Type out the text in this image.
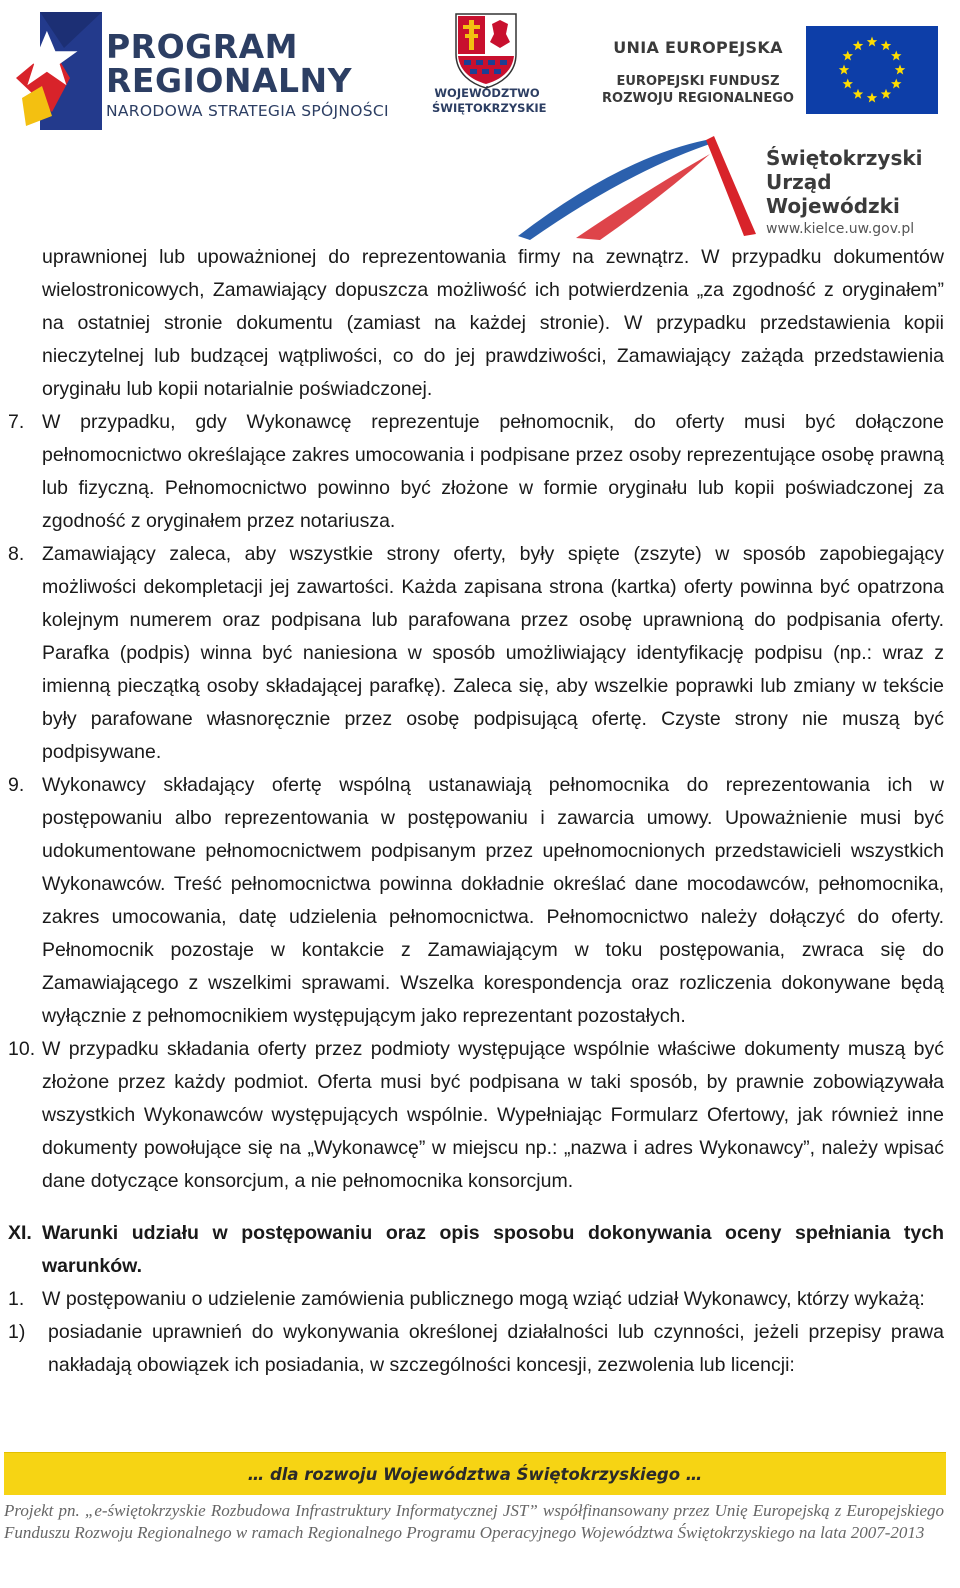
PROGRAM
REGIONALNY
NARODOWA STRATEGIA SPÓJNOŚCI
WOJEWÓDZTWO
ŚWIĘTOKRZYSKIE
UNIA EUROPEJSKA
EUROPEJSKI FUNDUSZ
ROZWOJU REGIONALNEGO
Świętokrzyski
Urząd Wojewódzki
www.kielce.uw.gov.pl
uprawnionej lub upoważnionej do reprezentowania firmy na zewnątrz. W przypadku dokumentów wielostronicowych, Zamawiający dopuszcza możliwość ich potwierdzenia „za zgodność z oryginałem” na ostatniej stronie dokumentu (zamiast na każdej stronie). W przypadku przedstawienia kopii nieczytelnej lub budzącej wątpliwości, co do jej prawdziwości, Zamawiający zażąda przedstawienia oryginału lub kopii notarialnie poświadczonej.
7. W przypadku, gdy Wykonawcę reprezentuje pełnomocnik, do oferty musi być dołączone pełnomocnictwo określające zakres umocowania i podpisane przez osoby reprezentujące osobę prawną lub fizyczną. Pełnomocnictwo powinno być złożone w formie oryginału lub kopii poświadczonej za zgodność z oryginałem przez notariusza.
8. Zamawiający zaleca, aby wszystkie strony oferty, były spięte (zszyte) w sposób zapobiegający możliwości dekompletacji jej zawartości. Każda zapisana strona (kartka) oferty powinna być opatrzona kolejnym numerem oraz podpisana lub parafowana przez osobę uprawnioną do podpisania oferty. Parafka (podpis) winna być naniesiona w sposób umożliwiający identyfikację podpisu (np.: wraz z imienną pieczątką osoby składającej parafkę). Zaleca się, aby wszelkie poprawki lub zmiany w tekście były parafowane własnoręcznie przez osobę podpisującą ofertę. Czyste strony nie muszą być podpisywane.
9. Wykonawcy składający ofertę wspólną ustanawiają pełnomocnika do reprezentowania ich w postępowaniu albo reprezentowania w postępowaniu i zawarcia umowy. Upoważnienie musi być udokumentowane pełnomocnictwem podpisanym przez upełnomocnionych przedstawicieli wszystkich Wykonawców. Treść pełnomocnictwa powinna dokładnie określać dane mocodawców, pełnomocnika, zakres umocowania, datę udzielenia pełnomocnictwa. Pełnomocnictwo należy dołączyć do oferty. Pełnomocnik pozostaje w kontakcie z Zamawiającym w toku postępowania, zwraca się do Zamawiającego z wszelkimi sprawami. Wszelka korespondencja oraz rozliczenia dokonywane będą wyłącznie z pełnomocnikiem występującym jako reprezentant pozostałych.
10. W przypadku składania oferty przez podmioty występujące wspólnie właściwe dokumenty muszą być złożone przez każdy podmiot. Oferta musi być podpisana w taki sposób, by prawnie zobowiązywała wszystkich Wykonawców występujących wspólnie. Wypełniając Formularz Ofertowy, jak również inne dokumenty powołujące się na „Wykonawcę” w miejscu np.: „nazwa i adres Wykonawcy”, należy wpisać dane dotyczące konsorcjum, a nie pełnomocnika konsorcjum.
XI. Warunki udziału w postępowaniu oraz opis sposobu dokonywania oceny spełniania tych warunków.
1. W postępowaniu o udzielenie zamówienia publicznego mogą wziąć udział Wykonawcy, którzy wykażą:
1)	posiadanie uprawnień do wykonywania określonej działalności lub czynności, jeżeli przepisy prawa nakładają obowiązek ich posiadania, w szczególności koncesji, zezwolenia lub licencji:
… dla rozwoju Województwa Świętokrzyskiego …
Projekt pn. „e-świętokrzyskie Rozbudowa Infrastruktury Informatycznej JST” współfinansowany przez Unię Europejską z Europejskiego Funduszu Rozwoju Regionalnego w ramach Regionalnego Programu Operacyjnego Województwa Świętokrzyskiego na lata 2007-2013
